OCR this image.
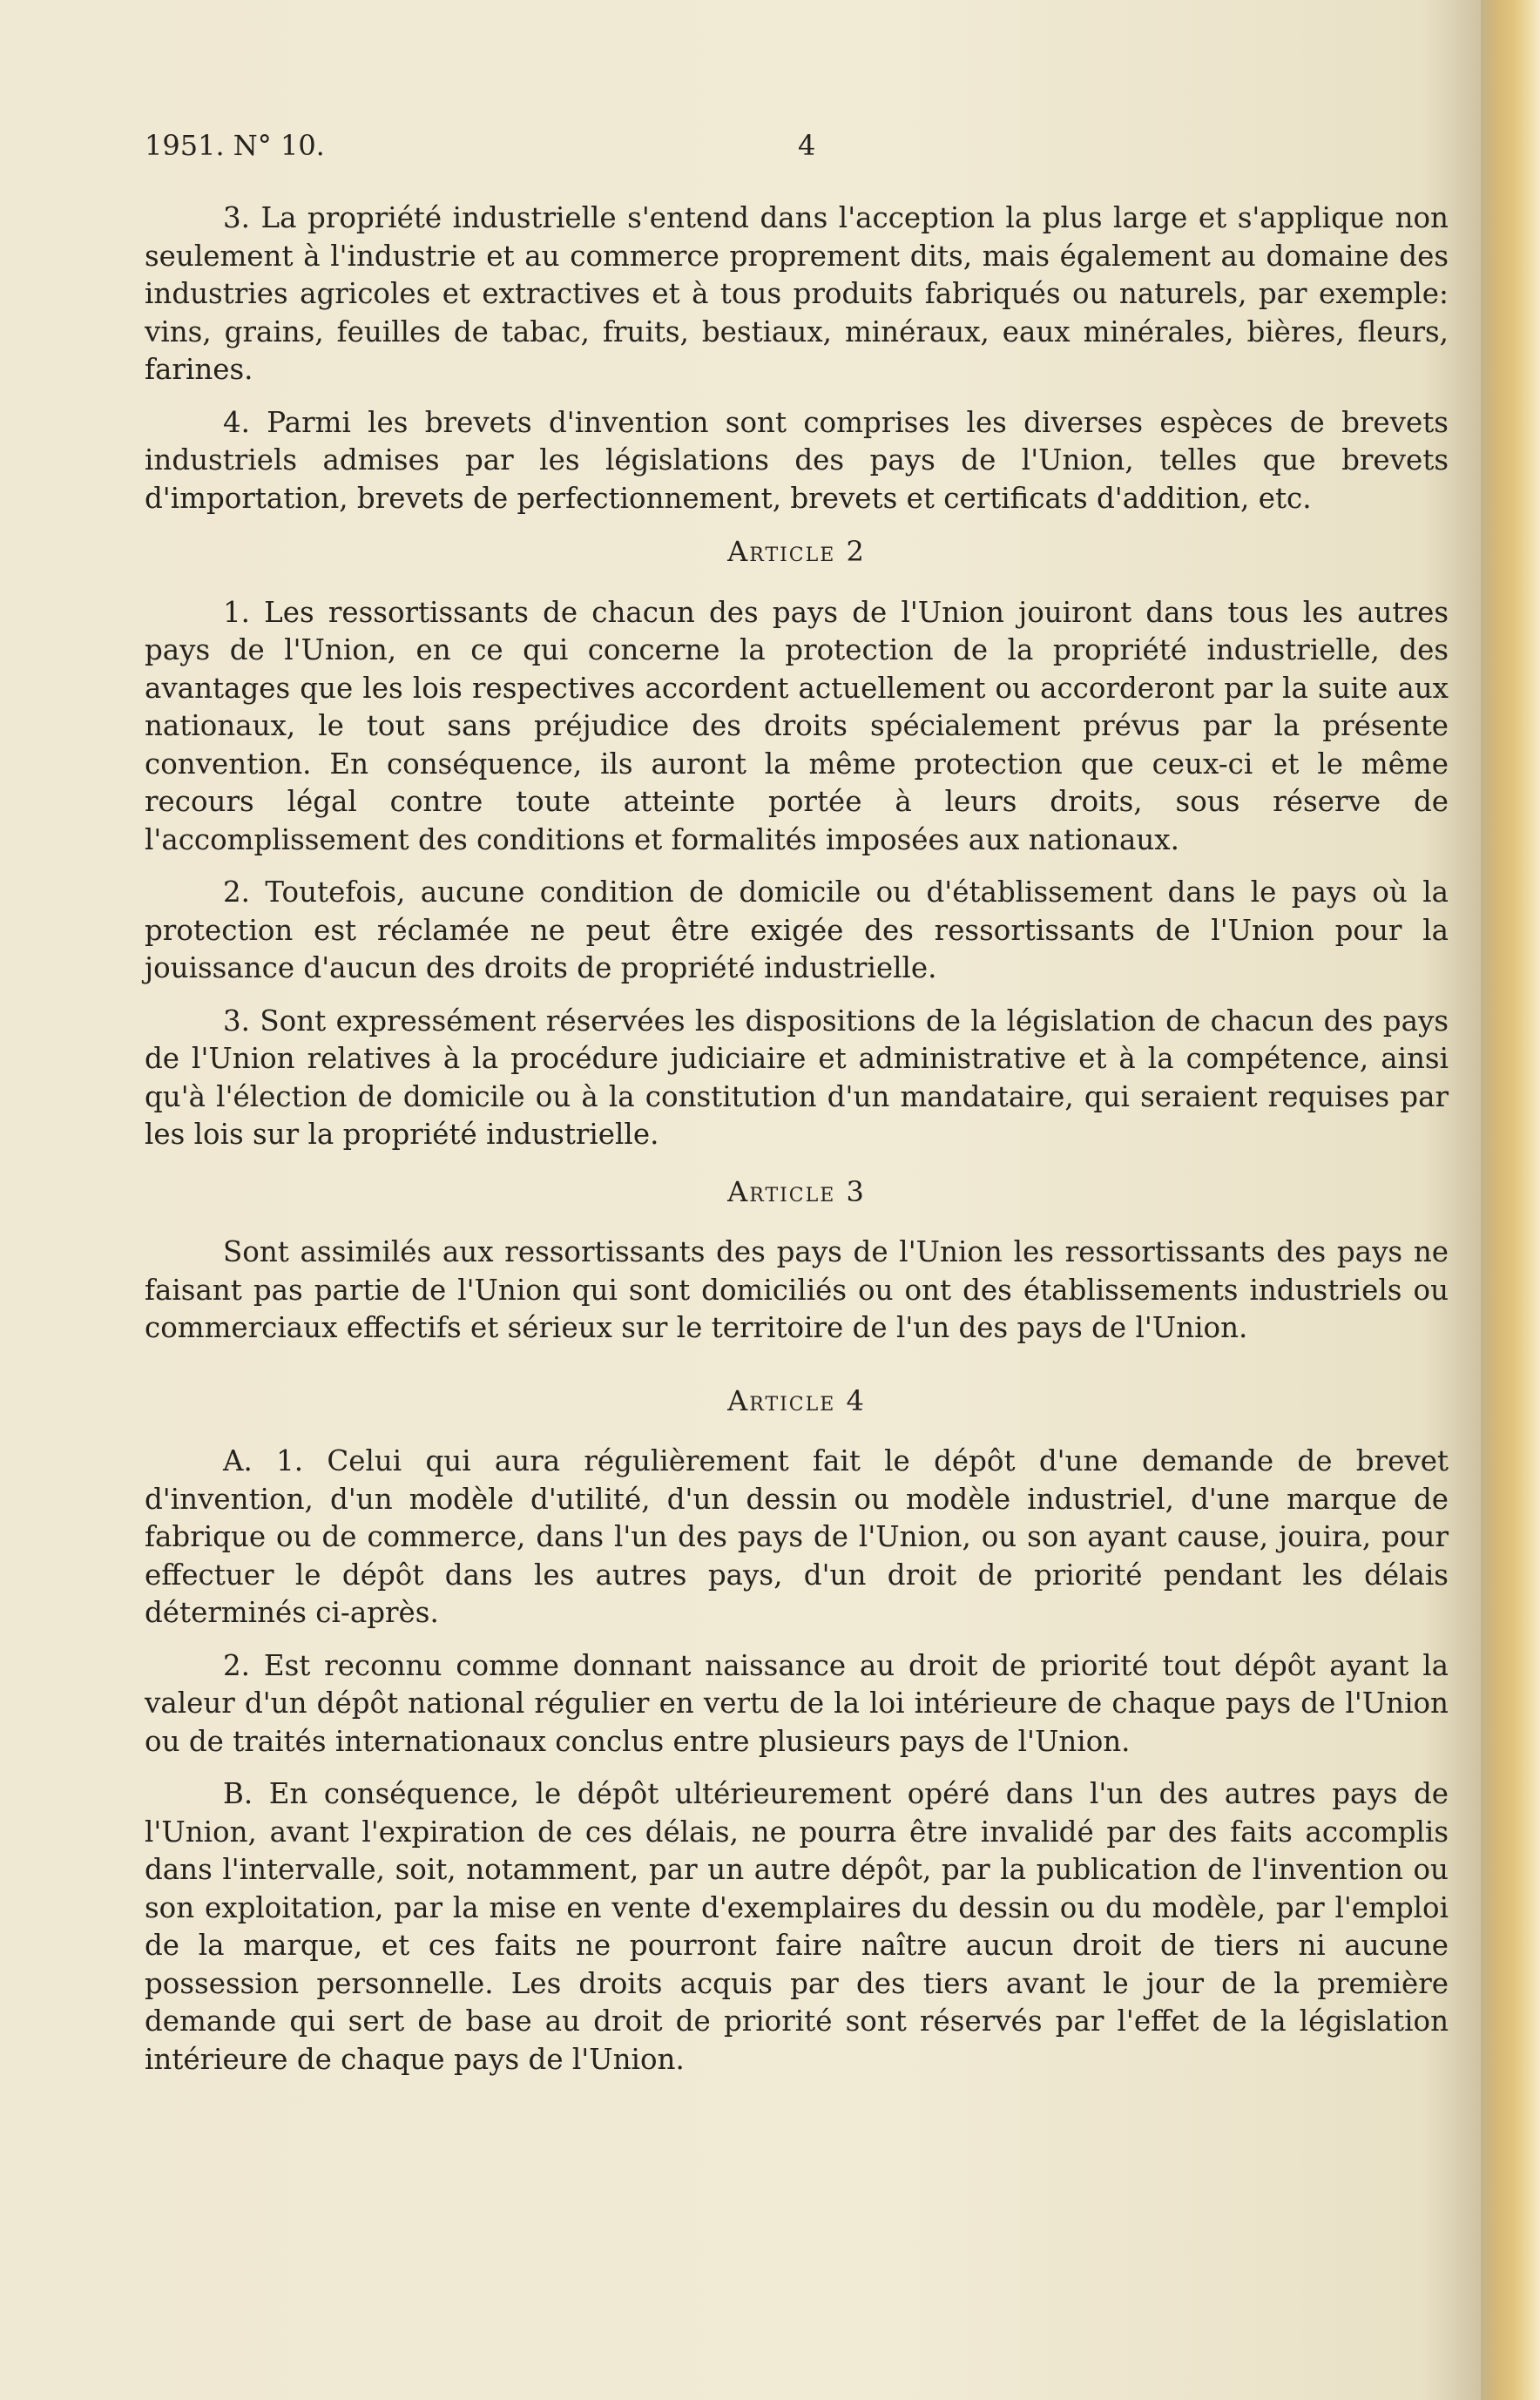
1951. N° 10.	4

3. La propriété industrielle s'entend dans l'acception la plus large et s'applique non seulement à l'industrie et au commerce proprement dits, mais également au domaine des industries agricoles et extractives et à tous produits fabriqués ou naturels, par exemple: vins, grains, feuilles de tabac, fruits, bestiaux, minéraux, eaux minérales, bières, fleurs, farines.

4. Parmi les brevets d'invention sont comprises les diverses espèces de brevets industriels admises par les législations des pays de l'Union, telles que brevets d'importation, brevets de perfectionnement, brevets et certificats d'addition, etc.

Article 2

1. Les ressortissants de chacun des pays de l'Union jouiront dans tous les autres pays de l'Union, en ce qui concerne la protection de la propriété industrielle, des avantages que les lois respectives accordent actuellement ou accorderont par la suite aux nationaux, le tout sans préjudice des droits spécialement prévus par la présente convention. En conséquence, ils auront la même protection que ceux-ci et le même recours légal contre toute atteinte portée à leurs droits, sous réserve de l'accomplissement des conditions et formalités imposées aux nationaux.

2. Toutefois, aucune condition de domicile ou d'établissement dans le pays où la protection est réclamée ne peut être exigée des ressortissants de l'Union pour la jouissance d'aucun des droits de propriété industrielle.

3. Sont expressément réservées les dispositions de la législation de chacun des pays de l'Union relatives à la procédure judiciaire et administrative et à la compétence, ainsi qu'à l'élection de domicile ou à la constitution d'un mandataire, qui seraient requises par les lois sur la propriété industrielle.

Article 3

Sont assimilés aux ressortissants des pays de l'Union les ressortissants des pays ne faisant pas partie de l'Union qui sont domiciliés ou ont des établissements industriels ou commerciaux effectifs et sérieux sur le territoire de l'un des pays de l'Union.

Article 4

A. 1. Celui qui aura régulièrement fait le dépôt d'une demande de brevet d'invention, d'un modèle d'utilité, d'un dessin ou modèle industriel, d'une marque de fabrique ou de commerce, dans l'un des pays de l'Union, ou son ayant cause, jouira, pour effectuer le dépôt dans les autres pays, d'un droit de priorité pendant les délais déterminés ci-après.

2. Est reconnu comme donnant naissance au droit de priorité tout dépôt ayant la valeur d'un dépôt national régulier en vertu de la loi intérieure de chaque pays de l'Union ou de traités internationaux conclus entre plusieurs pays de l'Union.

B. En conséquence, le dépôt ultérieurement opéré dans l'un des autres pays de l'Union, avant l'expiration de ces délais, ne pourra être invalidé par des faits accomplis dans l'intervalle, soit, notamment, par un autre dépôt, par la publication de l'invention ou son exploitation, par la mise en vente d'exemplaires du dessin ou du modèle, par l'emploi de la marque, et ces faits ne pourront faire naître aucun droit de tiers ni aucune possession personnelle. Les droits acquis par des tiers avant le jour de la première demande qui sert de base au droit de priorité sont réservés par l'effet de la législation intérieure de chaque pays de l'Union.
